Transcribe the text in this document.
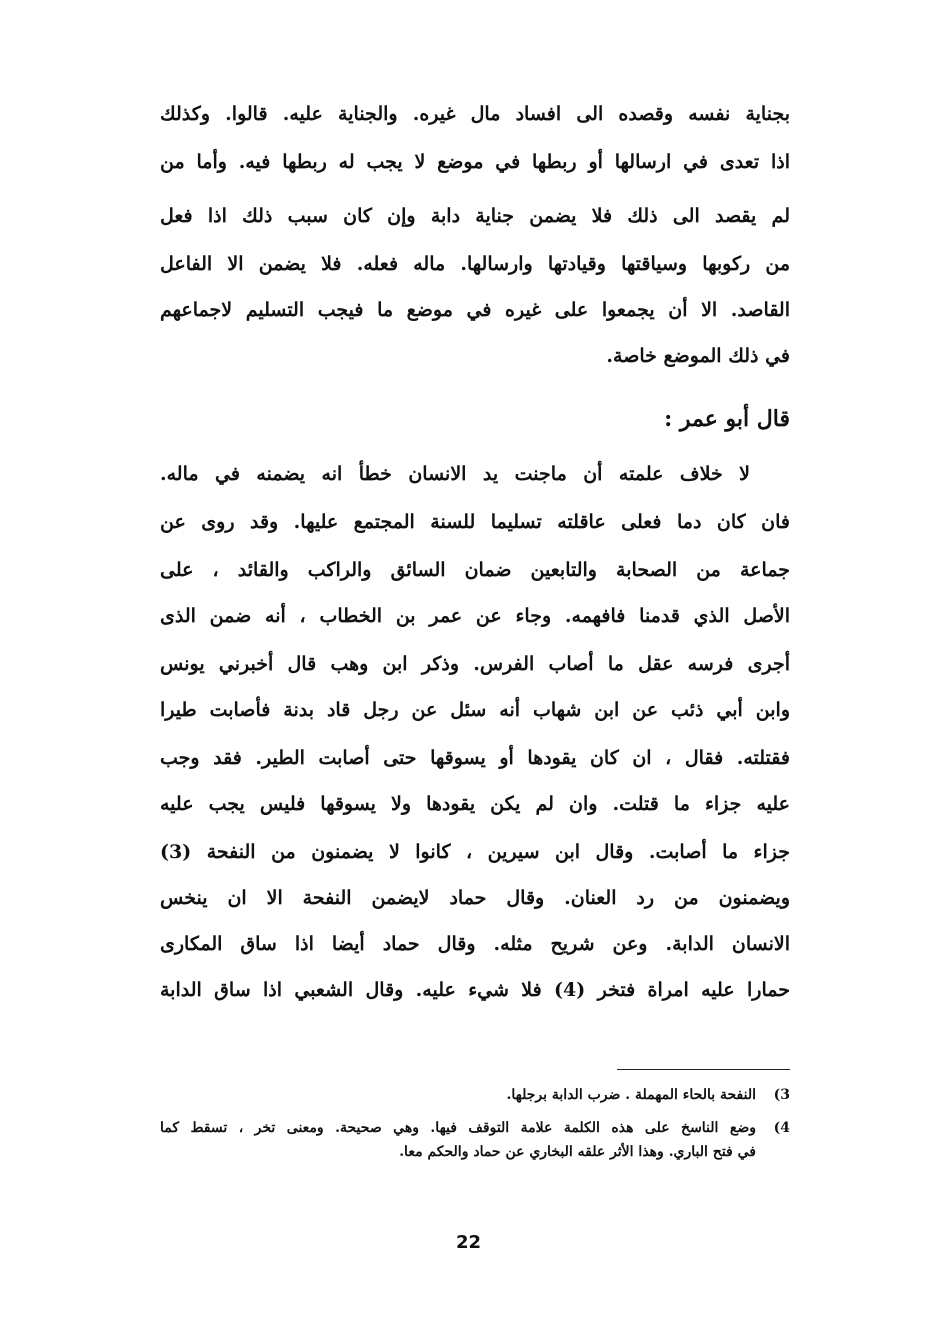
بجناية نفسه وقصده الى افساد مال غيره. والجناية عليه. قالوا. وكذلك
اذا تعدى في ارسالها أو ربطها في موضع لا يجب له ربطها فيه. وأما من
لم يقصد الى ذلك فلا يضمن جناية دابة وإن كان سبب ذلك اذا فعل
من ركوبها وسياقتها وقيادتها وارسالها. ماله فعله. فلا يضمن الا الفاعل
القاصد. الا أن يجمعوا على غيره في موضع ما فيجب التسليم لاجماعهم
في ذلك الموضع خاصة.
قال أبو عمر :
لا خلاف علمته أن ماجنت يد الانسان خطأ انه يضمنه في ماله.
فان كان دما فعلى عاقلته تسليما للسنة المجتمع عليها. وقد روى عن
جماعة من الصحابة والتابعين ضمان السائق والراكب والقائد ، على
الأصل الذي قدمنا فافهمه. وجاء عن عمر بن الخطاب ، أنه ضمن الذى
أجرى فرسه عقل ما أصاب الفرس. وذكر ابن وهب قال أخبرني يونس
وابن أبي ذئب عن ابن شهاب أنه سئل عن رجل قاد بدنة فأصابت طيرا
فقتلته. فقال ، ان كان يقودها أو يسوقها حتى أصابت الطير. فقد وجب
عليه جزاء ما قتلت. وان لم يكن يقودها ولا يسوقها فليس يجب عليه
جزاء ما أصابت. وقال ابن سيرين ، كانوا لا يضمنون من النفحة (3)
ويضمنون من رد العنان. وقال حماد لايضمن النفحة الا ان ينخس
الانسان الدابة. وعن شريح مثله. وقال حماد أيضا اذا ساق المكارى
حمارا عليه امراة فتخر (4) فلا شيء عليه. وقال الشعبي اذا ساق الدابة
3)
النفحة بالحاء المهملة . ضرب الدابة برجلها.
4)
وضع الناسخ على هذه الكلمة علامة التوقف فيها. وهي صحيحة. ومعنى تخر ، تسقط كما
في فتح الباري. وهذا الأثر علقه البخاري عن حماد والحكم معا.
22
